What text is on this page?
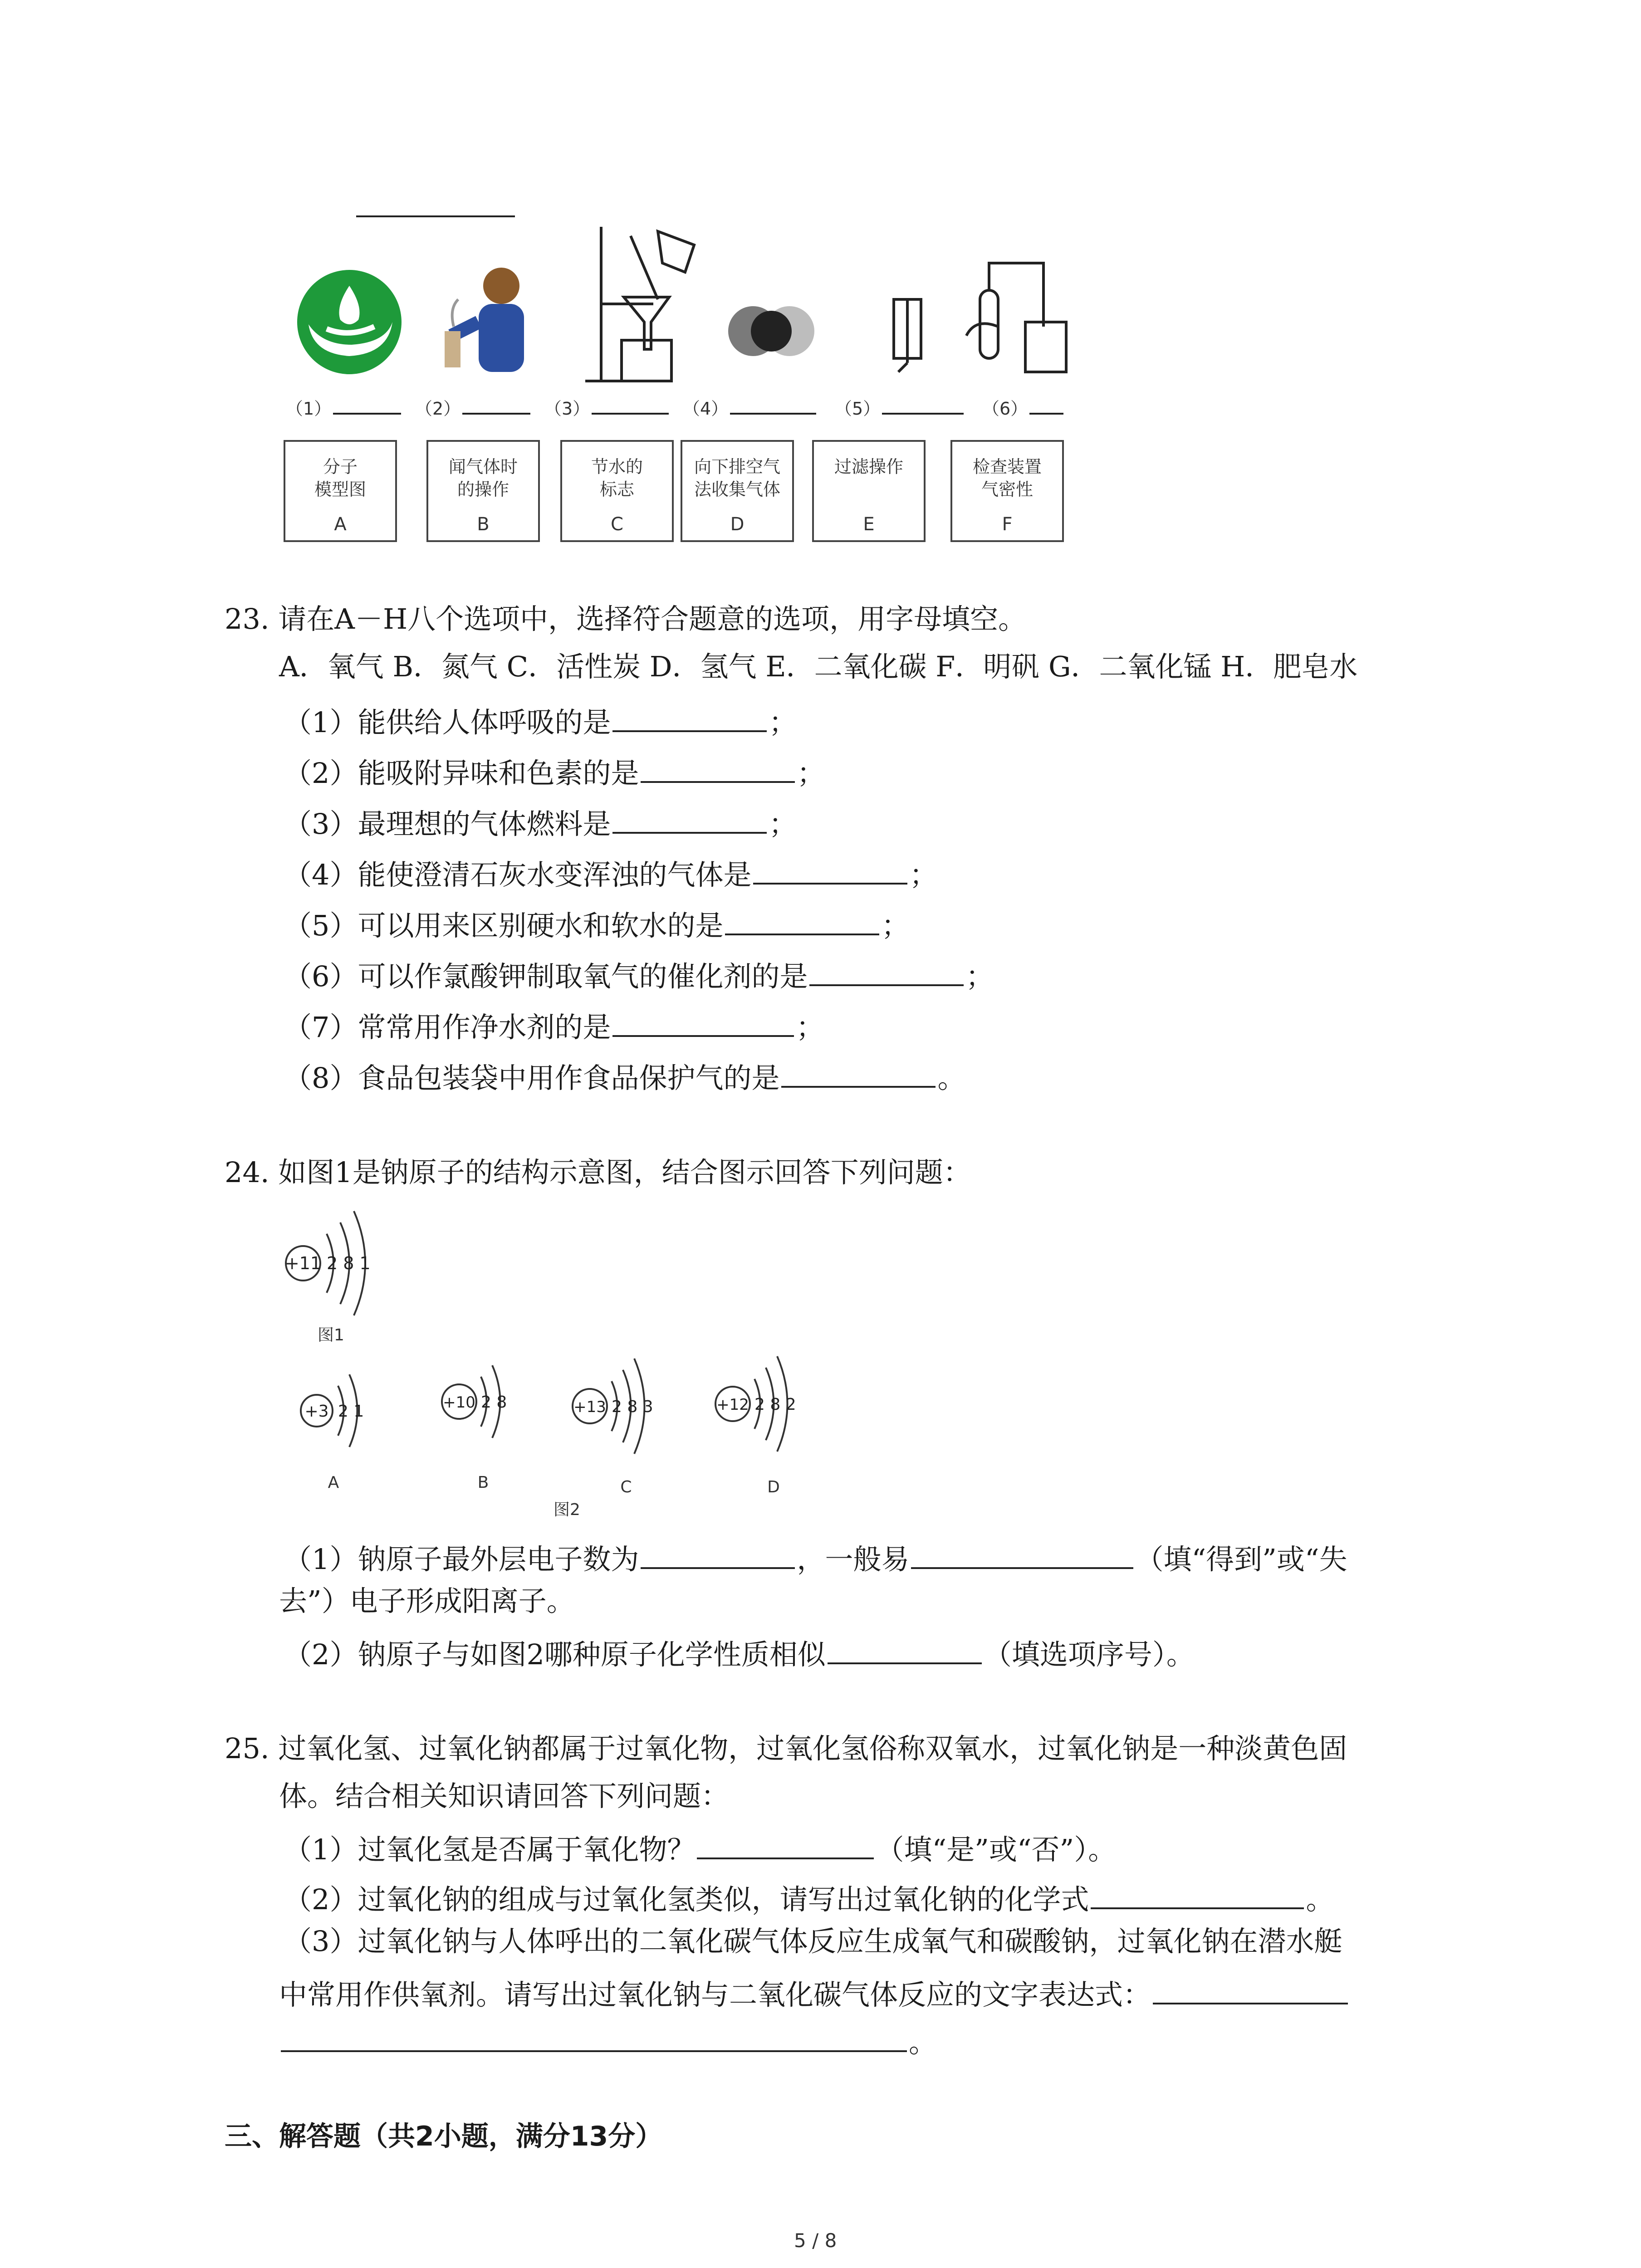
（1）	（2）	（3）	（4）	（5）	（6）
分子
模型图
A
闻气体时
的操作
B
节水的
标志
C
向下排空气
法收集气体
D
过滤操作
E
检查装置
气密性
F
23. 请在A－H八个选项中，选择符合题意的选项，用字母填空。
A．氧气 B．氮气 C．活性炭 D．氢气 E．二氧化碳 F．明矾 G．二氧化锰 H．肥皂水
（1）能供给人体呼吸的是	；
（2）能吸附异味和色素的是	；
（3）最理想的气体燃料是	；
（4）能使澄清石灰水变浑浊的气体是	；
（5）可以用来区别硬水和软水的是	；
（6）可以作氯酸钾制取氧气的催化剂的是	；
（7）常常用作净水剂的是	；
（8）食品包装袋中用作食品保护气的是	。
24. 如图1是钠原子的结构示意图，结合图示回答下列问题：
+11 2 8 1
图1
+3 2 1
A
+10 2 8
B
+13 2 8 3
C
+12 2 8 2
D
图2
（1）钠原子最外层电子数为	，一般易	（填“得到”或“失
去”）电子形成阳离子。
（2）钠原子与如图2哪种原子化学性质相似	（填选项序号）。
25. 过氧化氢、过氧化钠都属于过氧化物，过氧化氢俗称双氧水，过氧化钠是一种淡黄色固
体。结合相关知识请回答下列问题：
（1）过氧化氢是否属于氧化物？	（填“是”或“否”）。
（2）过氧化钠的组成与过氧化氢类似，请写出过氧化钠的化学式	。
（3）过氧化钠与人体呼出的二氧化碳气体反应生成氧气和碳酸钠，过氧化钠在潜水艇
中常用作供氧剂。请写出过氧化钠与二氧化碳气体反应的文字表达式：
。
三、解答题（共2小题，满分13分）
5 / 8
